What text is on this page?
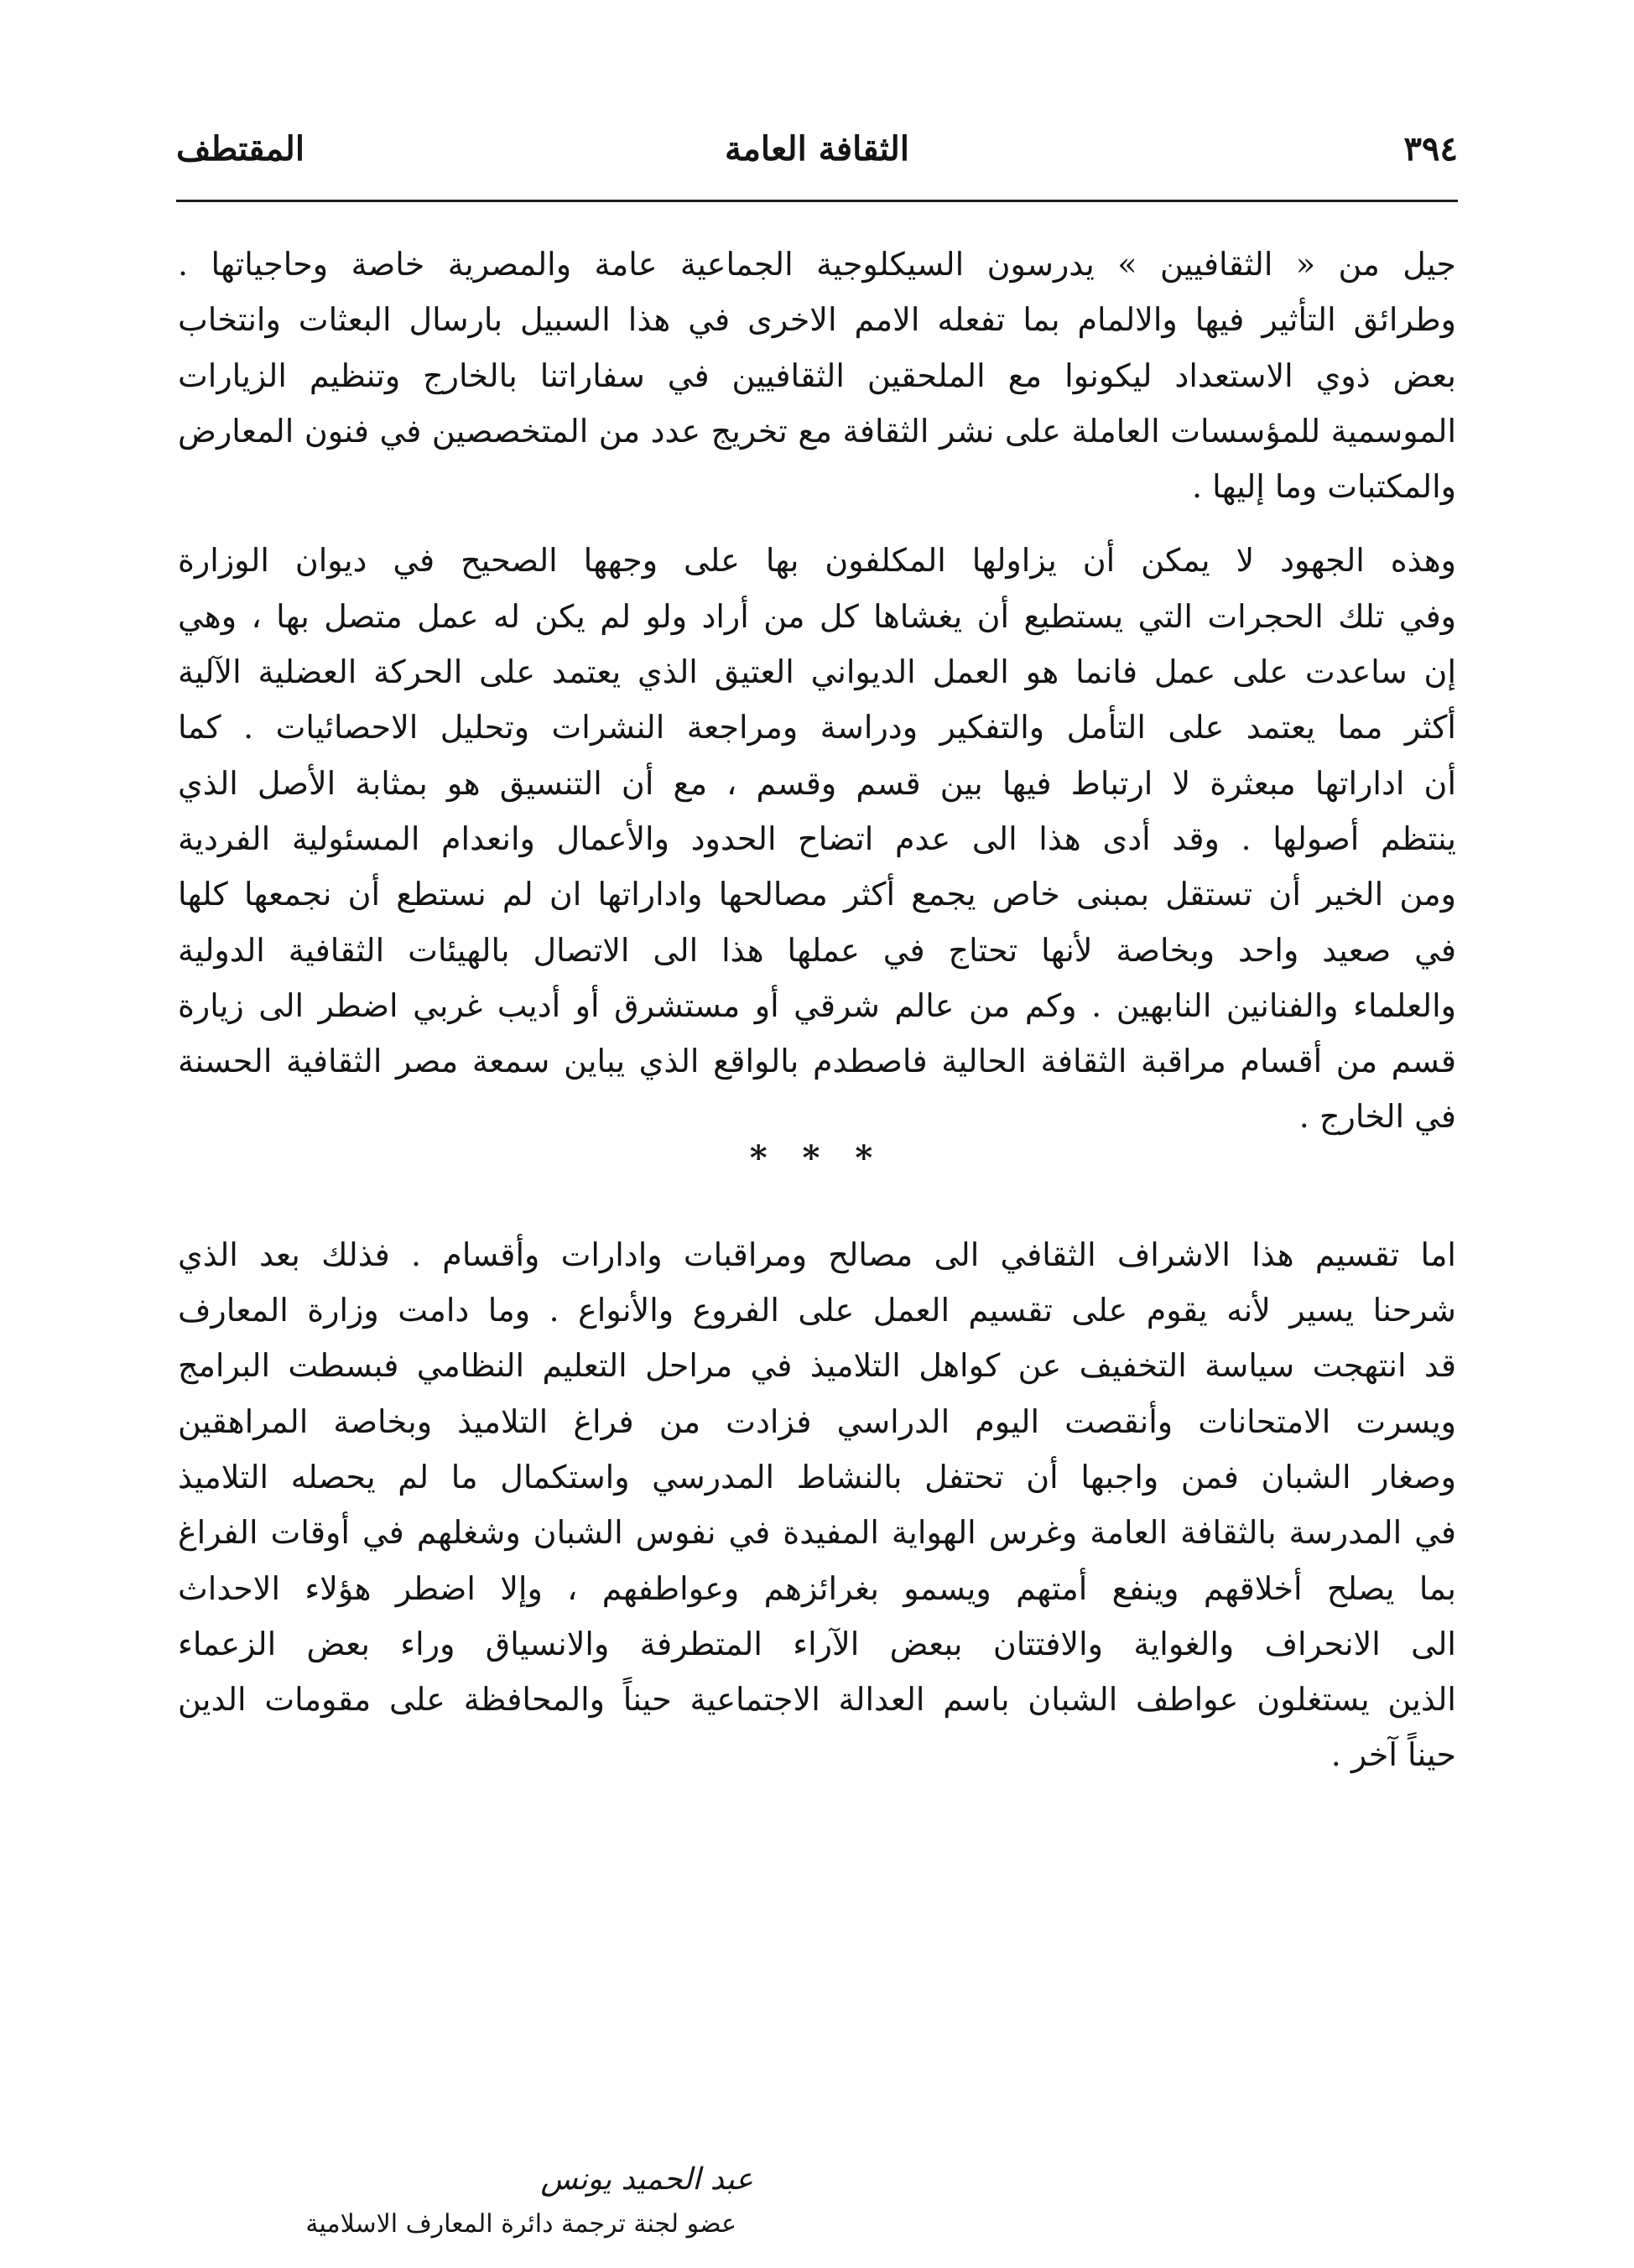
٣٩٤
الثقافة العامة
المقتطف

جيل من « الثقافيين » يدرسون السيكلوجية الجماعية عامة والمصرية خاصة وحاجياتها .

وطرائق التأثير فيها والالمام بما تفعله الامم الاخرى في هذا السبيل بارسال البعثات وانتخاب

بعض ذوي الاستعداد ليكونوا مع الملحقين الثقافيين في سفاراتنا بالخارج وتنظيم الزيارات

الموسمية للمؤسسات العاملة على نشر الثقافة مع تخريج عدد من المتخصصين في فنون المعارض

والمكتبات وما إليها .

وهذه الجهود لا يمكن أن يزاولها المكلفون بها على وجهها الصحيح في ديوان الوزارة

وفي تلك الحجرات التي يستطيع أن يغشاها كل من أراد ولو لم يكن له عمل متصل بها ، وهي

إن ساعدت على عمل فانما هو العمل الديواني العتيق الذي يعتمد على الحركة العضلية الآلية

أكثر مما يعتمد على التأمل والتفكير ودراسة ومراجعة النشرات وتحليل الاحصائيات . كما

أن اداراتها مبعثرة لا ارتباط فيها بين قسم وقسم ، مع أن التنسيق هو بمثابة الأصل الذي

ينتظم أصولها . وقد أدى هذا الى عدم اتضاح الحدود والأعمال وانعدام المسئولية الفردية

ومن الخير أن تستقل بمبنى خاص يجمع أكثر مصالحها واداراتها ان لم نستطع أن نجمعها كلها

في صعيد واحد وبخاصة لأنها تحتاج في عملها هذا الى الاتصال بالهيئات الثقافية الدولية

والعلماء والفنانين النابهين . وكم من عالم شرقي أو مستشرق أو أديب غربي اضطر الى زيارة

قسم من أقسام مراقبة الثقافة الحالية فاصطدم بالواقع الذي يباين سمعة مصر الثقافية الحسنة

في الخارج .

* * *

اما تقسيم هذا الاشراف الثقافي الى مصالح ومراقبات وادارات وأقسام . فذلك بعد الذي

شرحنا يسير لأنه يقوم على تقسيم العمل على الفروع والأنواع . وما دامت وزارة المعارف

قد انتهجت سياسة التخفيف عن كواهل التلاميذ في مراحل التعليم النظامي فبسطت البرامج

ويسرت الامتحانات وأنقصت اليوم الدراسي فزادت من فراغ التلاميذ وبخاصة المراهقين

وصغار الشبان فمن واجبها أن تحتفل بالنشاط المدرسي واستكمال ما لم يحصله التلاميذ

في المدرسة بالثقافة العامة وغرس الهواية المفيدة في نفوس الشبان وشغلهم في أوقات الفراغ

بما يصلح أخلاقهم وينفع أمتهم ويسمو بغرائزهم وعواطفهم ، وإلا اضطر هؤلاء الاحداث

الى الانحراف والغواية والافتتان ببعض الآراء المتطرفة والانسياق وراء بعض الزعماء

الذين يستغلون عواطف الشبان باسم العدالة الاجتماعية حيناً والمحافظة على مقومات الدين

حيناً آخر .

عبد الحميد يونس
عضو لجنة ترجمة دائرة المعارف الاسلامية
